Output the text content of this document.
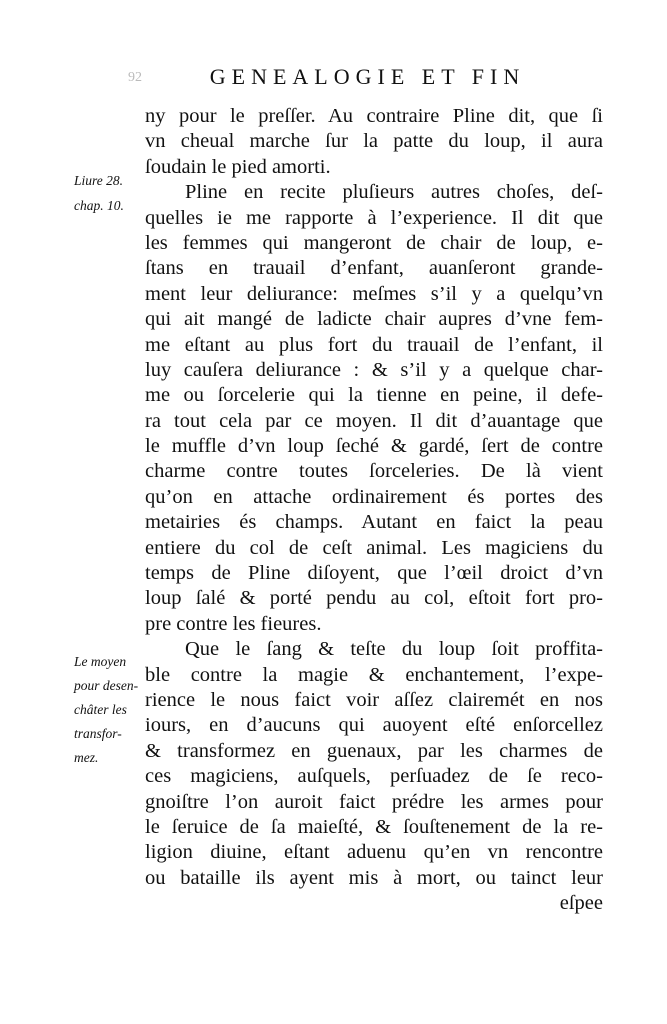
92	GENEALOGIE ET FIN
Liure 28.
chap. 10.
Le moyen
pour desen-
châter les
transfor-
mez.
ny pour le preſſer. Au contraire Pline dit, que ſi
vn cheual marche ſur la patte du loup, il aura
ſoudain le pied amorti.
Pline en recite pluſieurs autres choſes, deſ-
quelles ie me rapporte à l’experience. Il dit que
les femmes qui mangeront de chair de loup, e-
ſtans en trauail d’enfant, auanſeront grande-
ment leur deliurance: meſmes s’il y a quelqu’vn
qui ait mangé de ladicte chair aupres d’vne fem-
me eſtant au plus fort du trauail de l’enfant, il
luy cauſera deliurance : & s’il y a quelque char-
me ou ſorcelerie qui la tienne en peine, il defe-
ra tout cela par ce moyen. Il dit d’auantage que
le muffle d’vn loup ſeché & gardé, ſert de contre
charme contre toutes ſorceleries. De là vient
qu’on en attache ordinairement és portes des
metairies és champs. Autant en faict la peau
entiere du col de ceſt animal. Les magiciens du
temps de Pline diſoyent, que l’œil droict d’vn
loup ſalé & porté pendu au col, eſtoit fort pro-
pre contre les fieures.
Que le ſang & teſte du loup ſoit proffita-
ble contre la magie & enchantement, l’expe-
rience le nous faict voir aſſez clairemét en nos
iours, en d’aucuns qui auoyent eſté enſorcellez
& transformez en guenaux, par les charmes de
ces magiciens, auſquels, perſuadez de ſe reco-
gnoiſtre l’on auroit faict prédre les armes pour
le ſeruice de ſa maieſté, & ſouſtenement de la re-
ligion diuine, eſtant aduenu qu’en vn rencontre
ou bataille ils ayent mis à mort, ou tainct leur
eſpee
